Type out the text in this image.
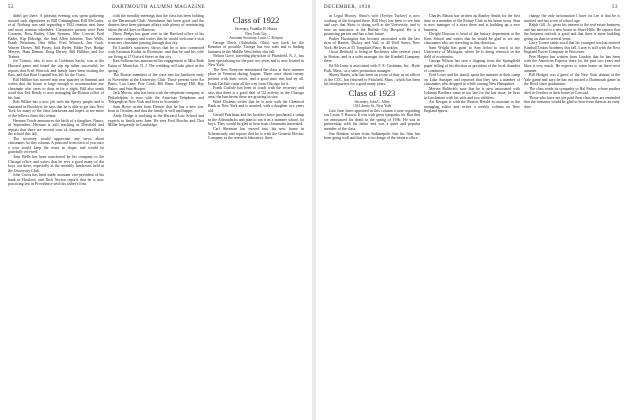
52	DARTMOUTH ALUMNI MAGAZINE

didn't get there. A pleasant evening was spent gathering around such dignitaries as Bill Cunningham, Bill McCarter, et al. Nothing was said regarding a 1932 reunion next June and more reunion schedules. Classmates present were Fran Couzens, Ross Bailey, Chan Symons, Mac Corwin, Fred Bader, Kip Eldridge, the lead Allen Johnson, Tom Wells, Frank Wernham, Otto Silks, Fred Wittrock, Jim Cook, Warren Dorsey, Bill Pusey, Jack Ryder, Eddie Nye, Hodge Meyers, Ham Daman, Doug Hersey, Bill Hilliker, and Joe Trainer.

Joe Trainer, who is now at Goldman Sachs, was at the Harvard game and found the trip up rather successful; he reports that Fred Wittrock and family have been visiting the East, and that Burt Crandall has left for the Coast.

Bill Hilliker has moved into new quarters in Summit and writes that the house is large enough to accommodate any classmate who cares to drop in for a night. Bill also sends word that Ted Bondy is now managing the Boston office of his firm.

Bob Wilkie has a new job with the Sperry people and is stationed in Brooklyn; he says that he is able to get into New York for many of the class luncheons and hopes to see more of the fellows there this winter.

Herman Towle announces the birth of a daughter, Nancy, in September. Herman is still teaching at Deerfield and reports that there are several sons of classmates enrolled in the school this fall.

The secretary would appreciate any news about classmates for this column. A postcard from each of you once a year would keep the notes in shape, and would be gratefully received.

Tom Wells has been transferred by his company to the Chicago office and writes that he sees a good many of the boys out there, especially at the monthly luncheons held at the University Club.

John Curtis has been made assistant vice-president of his bank in Hartford, and Dick Norton reports that he is now practicing law in Providence with his father's firm.

with the monthly meetings that the class has been holding at the Dartmouth Club. Attendance has been good and the dinners have been pleasant affairs with plenty of reminiscing about the old days in Hanover.

Harry Phelps has gone over to the Hartford office of his insurance company and writes that he would welcome a visit from any classmate passing through that city.

Ed Lundie's stationery shows that he is now connected with Eastman Kodak in Rochester, and that he and his wife are living at 27 Oxford Street in that city.

Ken Sullivan has announced his engagement to Miss Ruth Eaton of Montclair, N. J. The wedding will take place in the spring.

The Boston members of the class met for luncheon early in November at the University Club. Those present were Art Bates, Lou Lane, Pete Cook, Bill Bean, George Hill, Ray Baker, and Stan Hooper.

Jack Morris, who has been with the telephone company in Philadelphia, is now with the American Telephone and Telegraph in New York and lives in Scarsdale.

Sam Howe writes from Denver that he has a new son, born in October, and that the family is well and happy.

Andy Dodge is studying at the Harvard Law School and expects to finish next June. He sees Fred Bowles and Chet Miller frequently in Cambridge.

Class of 1922
Secretary, Franklin H. Hawes
New York City
Assistant Secretary, Louis C. Kenyon

George Davis (Ashtabula, Ohio) was back for the Reunion of possible. George has two sons and is finding business in the Middle West better this fall.

Nelson Gove, traveling physician of Plainfield, N. J., has been specializing for the past two years and is now located in New York.

The New Kenyons entertained the class at their summer place in Vermont during August. There were about twenty present with their wives, and a good time was had by all. Frank Carlisle came all the way from Chicago for it.

Frank Carlisle has been in touch with the secretary and says that there is a good deal of '22 activity in the Chicago area; the luncheons there are growing in size.

Ward Dickens writes that he is now with the Chemical Bank in New York and is married, with a daughter two years old.

Gerald Pearlman and his brothers have purchased a camp in the Adirondacks and plan to run it as a summer school for boys. They would be glad to hear from classmates interested.

Carl Sherman has moved into his new home in Schenectady and reports that he is with the General Electric Company in the research laboratory there.

DECEMBER, 1936	53

in Legal History. Shaw's wife (Evelyn Tuckey) is now working at the hospital there. Bill Hoyt has been to see him and says that Shaw is doing well at the University, and is now an instructor at the Buffalo City Hospital. He is a promising person and has a fine future.

Parker Harrington has become associated with the law firm of Barnes, Dickey and Vail, at 40 Wall Street, New York. He lives at 55 Tompkins Place, Brooklyn.

Oscar Heithold is living in Rochester after several years in Boston, and is a sales manager for the Kimball Company there.

Ed McLaine is associated with F. E. Cushman, Inc., Hyde Park, Mass., as a sales promotion manager.

Sherry Banes, who has been on a tour of duty as an officer of the CCC, has returned to Pittsfield, Mass., which has been his headquarters for a good many years.

Class of 1923
Secretary, John C. Allen
136 Liberty St., New York

Last June there appeared in this column a note regarding our Lester T. Brown. It was with great sympathy for Ron that we announced his death in the spring of 1936. He was in partnership with his father and was a quiet and popular member of the class.

Jim Haskins writes from Indianapolis that his firm has been going well and that he is in charge of the eastern office.

Charles Mason has written up Stanley Smith for the first time as a member of the Rotary Club in his home town. Stan is now manager of a store there and is building up a nice business.

Dwight Dawson is head of the history department at the Kent School and writes that he would be glad to see any classmates who are traveling in that direction.

Sam Wright has gone to Ann Arbor to teach at the University of Michigan, where he is doing research in the field of economics.

George Wilson has sent a clipping from the Springfield paper telling of his election as president of the local chamber of commerce.

Fred Lowe and his family spent the summer at their camp on Lake Sunapee and reported that they saw a number of classmates who dropped in while touring New Hampshire.

Mervin Baldwin's note that he is now associated with Lehman Brothers came in too late for the last issue; he lives in Larchmont with his wife and two children.

Art Keegan is with the Boston Herald as assistant to the managing editor and writes a weekly column on New England sports.

change the only information I have on Lee is that he is married and has a son of school age.

Ralph Gill, Jr., gives his interest to the real estate business and has moved to a new house in Short Hills. He reports that the business outlook is good and that there is more building going on than in several years.

Larry Towne sends word that his youngest son has entered Kimball Union Academy this fall. Larry is still with the New England Power Company in Worcester.

Pete Harper has written from London that he has been with the American Express there for the past two years and likes it very much. He expects to come home on leave next summer.

Bill Hodges was a guest of the New York alumni at the Yale game and says he has not missed a Dartmouth game in the Bowl since graduation.

The class sends its sympathy to Hal Fisher, whose mother died in October at their home in Concord.

Those who have not yet paid their class dues are reminded that the treasurer would be glad to hear from them at an early date.
